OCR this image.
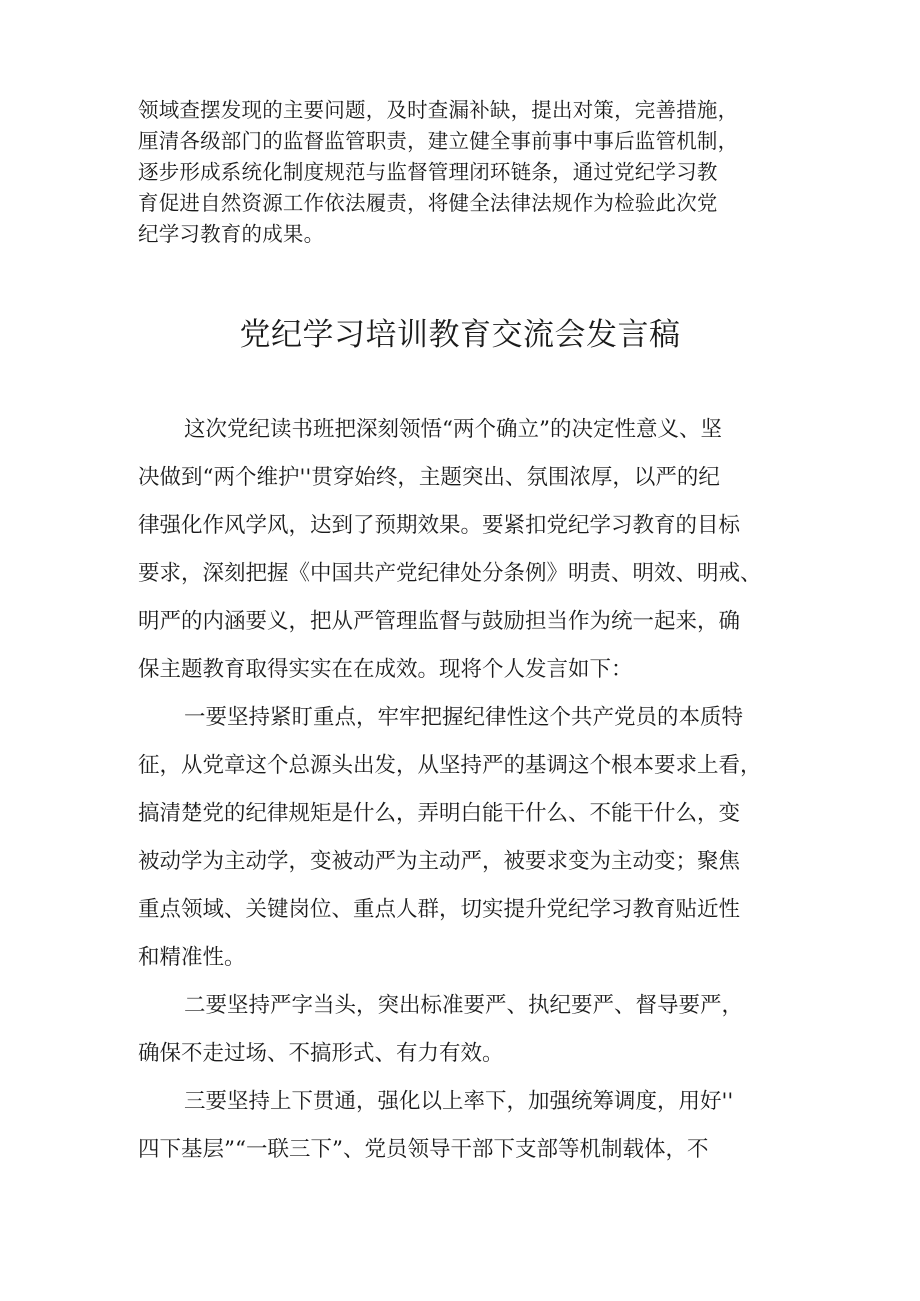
领域查摆发现的主要问题，及时查漏补缺，提出对策，完善措施，
厘清各级部门的监督监管职责，建立健全事前事中事后监管机制，
逐步形成系统化制度规范与监督管理闭环链条，通过党纪学习教
育促进自然资源工作依法履责，将健全法律法规作为检验此次党
纪学习教育的成果。

党纪学习培训教育交流会发言稿

这次党纪读书班把深刻领悟“两个确立”的决定性意义、坚
决做到“两个维护''贯穿始终，主题突出、氛围浓厚，以严的纪
律强化作风学风，达到了预期效果。要紧扣党纪学习教育的目标
要求，深刻把握《中国共产党纪律处分条例》明责、明效、明戒、
明严的内涵要义，把从严管理监督与鼓励担当作为统一起来，确
保主题教育取得实实在在成效。现将个人发言如下：

一要坚持紧盯重点，牢牢把握纪律性这个共产党员的本质特
征，从党章这个总源头出发，从坚持严的基调这个根本要求上看，
搞清楚党的纪律规矩是什么，弄明白能干什么、不能干什么，变
被动学为主动学，变被动严为主动严，被要求变为主动变；聚焦
重点领域、关键岗位、重点人群，切实提升党纪学习教育贴近性
和精准性。

二要坚持严字当头，突出标准要严、执纪要严、督导要严，
确保不走过场、不搞形式、有力有效。

三要坚持上下贯通，强化以上率下，加强统筹调度，用好''
四下基层”“一联三下”、党员领导干部下支部等机制载体，不
